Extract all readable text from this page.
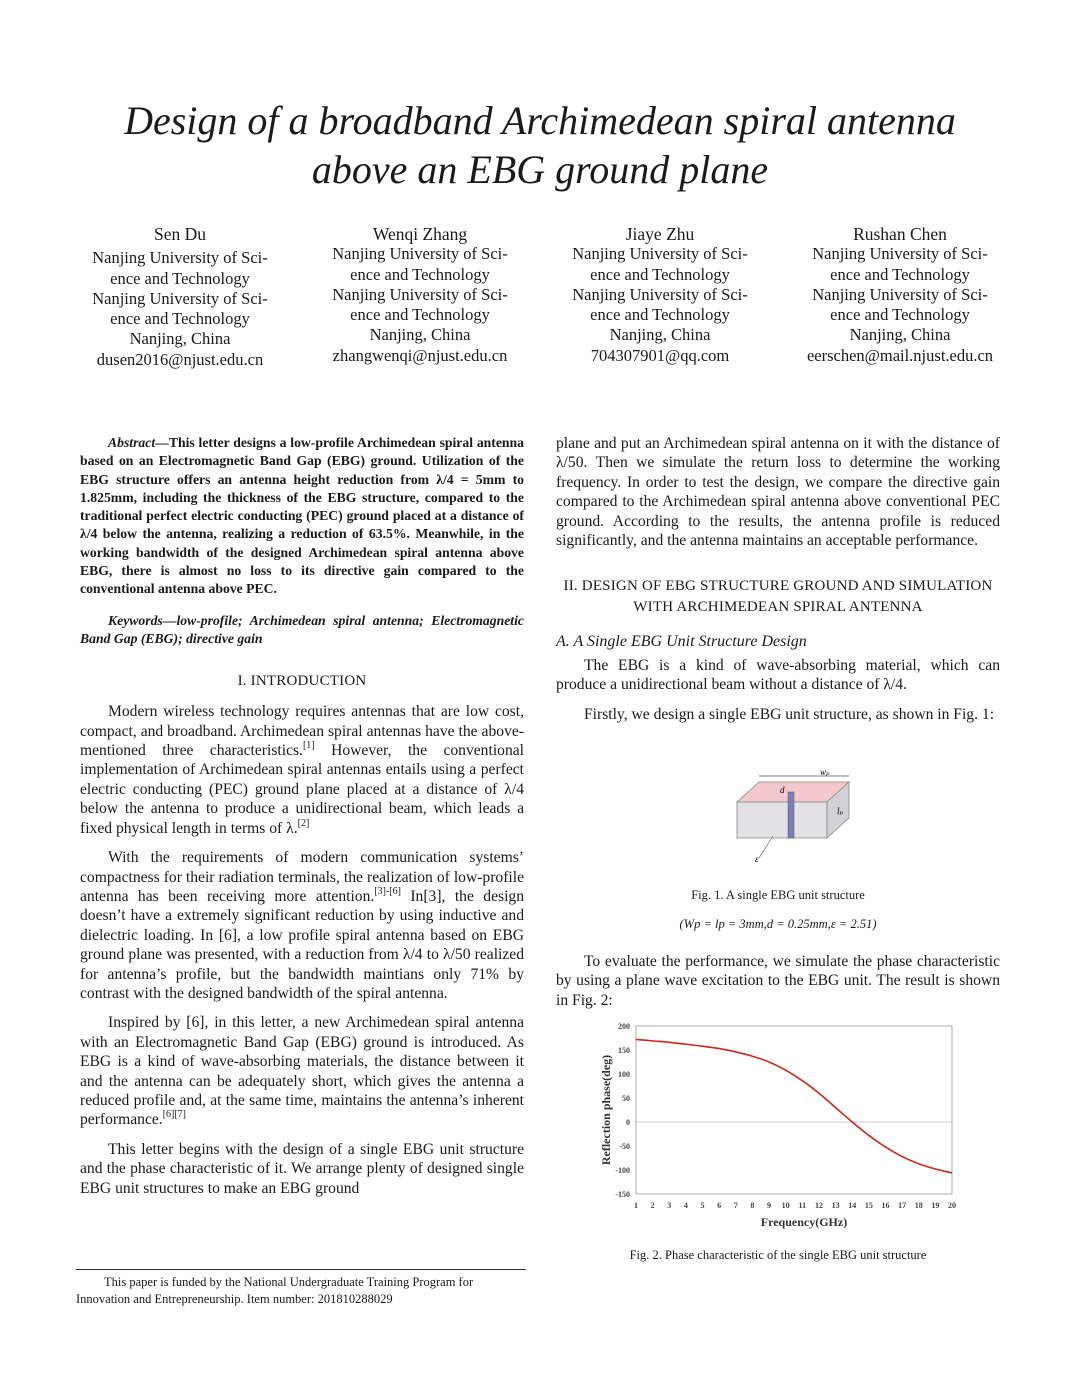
Design of a broadband Archimedean spiral antenna
above an EBG ground plane
Sen Du
Nanjing University of Sci-
ence and Technology
Nanjing University of Sci-
ence and Technology
Nanjing, China
dusen2016@njust.edu.cn
Wenqi Zhang
Nanjing University of Sci-
ence and Technology
Nanjing University of Sci-
ence and Technology
Nanjing, China
zhangwenqi@njust.edu.cn
Jiaye Zhu
Nanjing University of Sci-
ence and Technology
Nanjing University of Sci-
ence and Technology
Nanjing, China
704307901@qq.com
Rushan Chen
Nanjing University of Sci-
ence and Technology
Nanjing University of Sci-
ence and Technology
Nanjing, China
eerschen@mail.njust.edu.cn

Abstract—This letter designs a low-profile Archimedean spiral antenna based on an Electromagnetic Band Gap (EBG) ground. Utilization of the EBG structure offers an antenna height reduction from λ/4 = 5mm to 1.825mm, including the thickness of the EBG structure, compared to the traditional perfect electric conducting (PEC) ground placed at a distance of λ/4 below the antenna, realizing a reduction of 63.5%. Meanwhile, in the working bandwidth of the designed Archimedean spiral antenna above EBG, there is almost no loss to its directive gain compared to the conventional antenna above PEC.

Keywords—low-profile; Archimedean spiral antenna; Electromagnetic Band Gap (EBG); directive gain

I. INTRODUCTION

Modern wireless technology requires antennas that are low cost, compact, and broadband. Archimedean spiral antennas have the above-mentioned three characteristics.[1] However, the conventional implementation of Archimedean spiral antennas entails using a perfect electric conducting (PEC) ground plane placed at a distance of λ/4 below the antenna to produce a unidirectional beam, which leads a fixed physical length in terms of λ.[2]

With the requirements of modern communication systems’ compactness for their radiation terminals, the realization of low-profile antenna has been receiving more attention.[3]-[6] In[3], the design doesn’t have a extremely significant reduction by using inductive and dielectric loading. In [6], a low profile spiral antenna based on EBG ground plane was presented, with a reduction from λ/4 to λ/50 realized for antenna’s profile, but the bandwidth maintians only 71% by contrast with the designed bandwidth of the spiral antenna.

Inspired by [6], in this letter, a new Archimedean spiral antenna with an Electromagnetic Band Gap (EBG) ground is introduced. As EBG is a kind of wave-absorbing materials, the distance between it and the antenna can be adequately short, which gives the antenna a reduced profile and, at the same time, maintains the antenna’s inherent performance.[6][7]

This letter begins with the design of a single EBG unit structure and the phase characteristic of it. We arrange plenty of designed single EBG unit structures to make an EBG ground

This paper is funded by the National Undergraduate Training Program for Innovation and Entrepreneurship. Item number: 201810288029

plane and put an Archimedean spiral antenna on it with the distance of λ/50. Then we simulate the return loss to determine the working frequency. In order to test the design, we compare the directive gain compared to the Archimedean spiral antenna above conventional PEC ground. According to the results, the antenna profile is reduced significantly, and the antenna maintains an acceptable performance.

II. DESIGN OF EBG STRUCTURE GROUND AND SIMULATION

WITH ARCHIMEDEAN SPIRAL ANTENNA

A. A Single EBG Unit Structure Design

The EBG is a kind of wave-absorbing material, which can produce a unidirectional beam without a distance of λ/4.

Firstly, we design a single EBG unit structure, as shown in Fig. 1:

wₚ
d
lₚ
ε
Fig. 1. A single EBG unit structure
(Wp = lp = 3mm,d = 0.25mm,ε = 2.51)

To evaluate the performance, we simulate the phase characteristic by using a plane wave excitation to the EBG unit. The result is shown in Fig. 2:

200
150
100
50
0
-50
-100
-150
1 2 3 4 5 6 7 8 9 10 11 12 13 14 15 16 17 18 19 20
Frequency(GHz)
Reflection phase(deg)
Fig. 2. Phase characteristic of the single EBG unit structure
